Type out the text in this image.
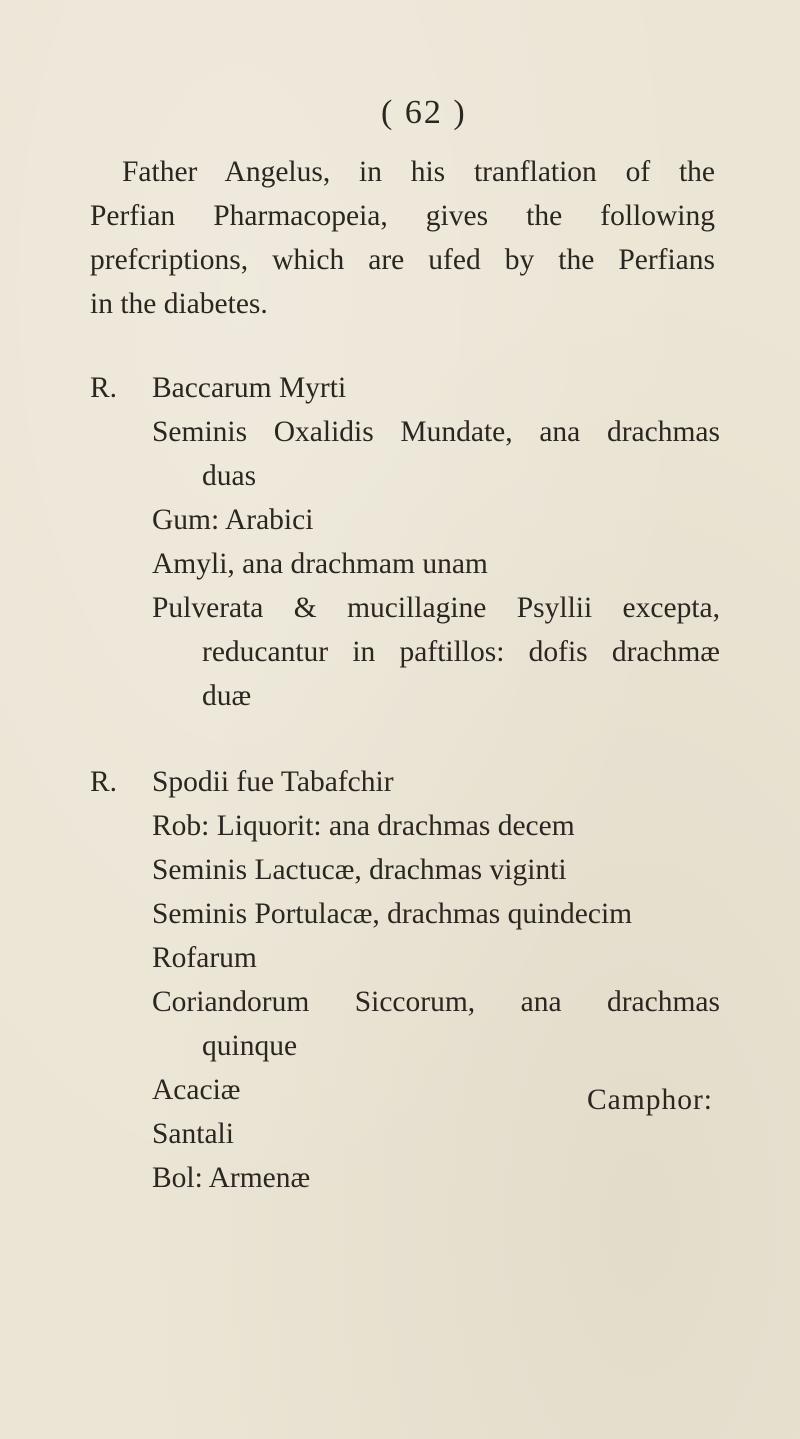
( 62 )
Father Angelus, in his tranflation of the
Perfian Pharmacopeia, gives the following
prefcriptions, which are ufed by the Perfians
in the diabetes.
R. Baccarum Myrti
Seminis Oxalidis Mundate, ana drachmas
duas
Gum: Arabici
Amyli, ana drachmam unam
Pulverata & mucillagine Psyllii excepta,
reducantur in paftillos: dofis drachmæ
duæ
R. Spodii fue Tabafchir
Rob: Liquorit: ana drachmas decem
Seminis Lactucæ, drachmas viginti
Seminis Portulacæ, drachmas quindecim
Rofarum
Coriandorum Siccorum, ana drachmas
quinque
Acaciæ
Santali
Bol: Armenæ
Camphor:
